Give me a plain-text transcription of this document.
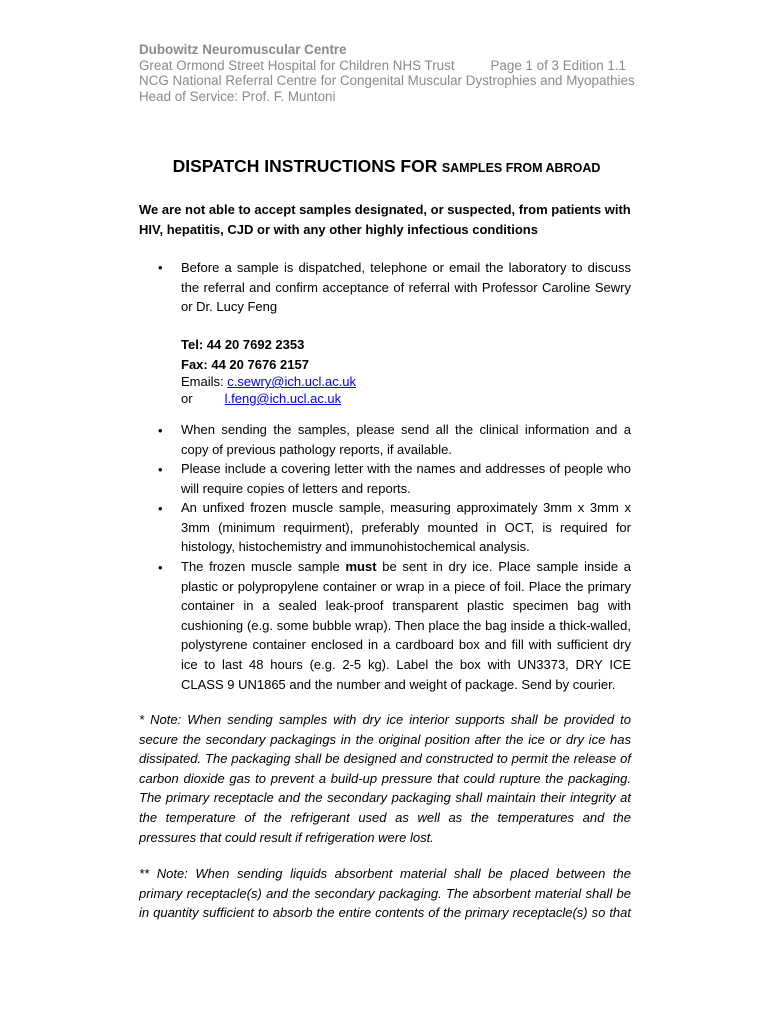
Dubowitz Neuromuscular Centre
Great Ormond Street Hospital for Children NHS Trust	Page 1 of 3 Edition 1.1
NCG National Referral Centre for Congenital Muscular Dystrophies and Myopathies
Head of Service: Prof. F. Muntoni
DISPATCH INSTRUCTIONS FOR SAMPLES FROM ABROAD
We are not able to accept samples designated, or suspected, from patients with HIV, hepatitis, CJD or with any other highly infectious conditions
• Before a sample is dispatched, telephone or email the laboratory to discuss the referral and confirm acceptance of referral with Professor Caroline Sewry or Dr. Lucy Feng
Tel: 44 20 7692 2353
Fax: 44 20 7676 2157
Emails: c.sewry@ich.ucl.ac.uk
or l.feng@ich.ucl.ac.uk
• When sending the samples, please send all the clinical information and a copy of previous pathology reports, if available.
• Please include a covering letter with the names and addresses of people who will require copies of letters and reports.
• An unfixed frozen muscle sample, measuring approximately 3mm x 3mm x 3mm (minimum requirment), preferably mounted in OCT, is required for histology, histochemistry and immunohistochemical analysis.
• The frozen muscle sample must be sent in dry ice. Place sample inside a plastic or polypropylene container or wrap in a piece of foil. Place the primary container in a sealed leak-proof transparent plastic specimen bag with cushioning (e.g. some bubble wrap). Then place the bag inside a thick-walled, polystyrene container enclosed in a cardboard box and fill with sufficient dry ice to last 48 hours (e.g. 2-5 kg). Label the box with UN3373, DRY ICE CLASS 9 UN1865 and the number and weight of package. Send by courier.
* Note: When sending samples with dry ice interior supports shall be provided to secure the secondary packagings in the original position after the ice or dry ice has dissipated. The packaging shall be designed and constructed to permit the release of carbon dioxide gas to prevent a build-up pressure that could rupture the packaging. The primary receptacle and the secondary packaging shall maintain their integrity at the temperature of the refrigerant used as well as the temperatures and the pressures that could result if refrigeration were lost.
** Note: When sending liquids absorbent material shall be placed between the primary receptacle(s) and the secondary packaging. The absorbent material shall be in quantity sufficient to absorb the entire contents of the primary receptacle(s) so that
